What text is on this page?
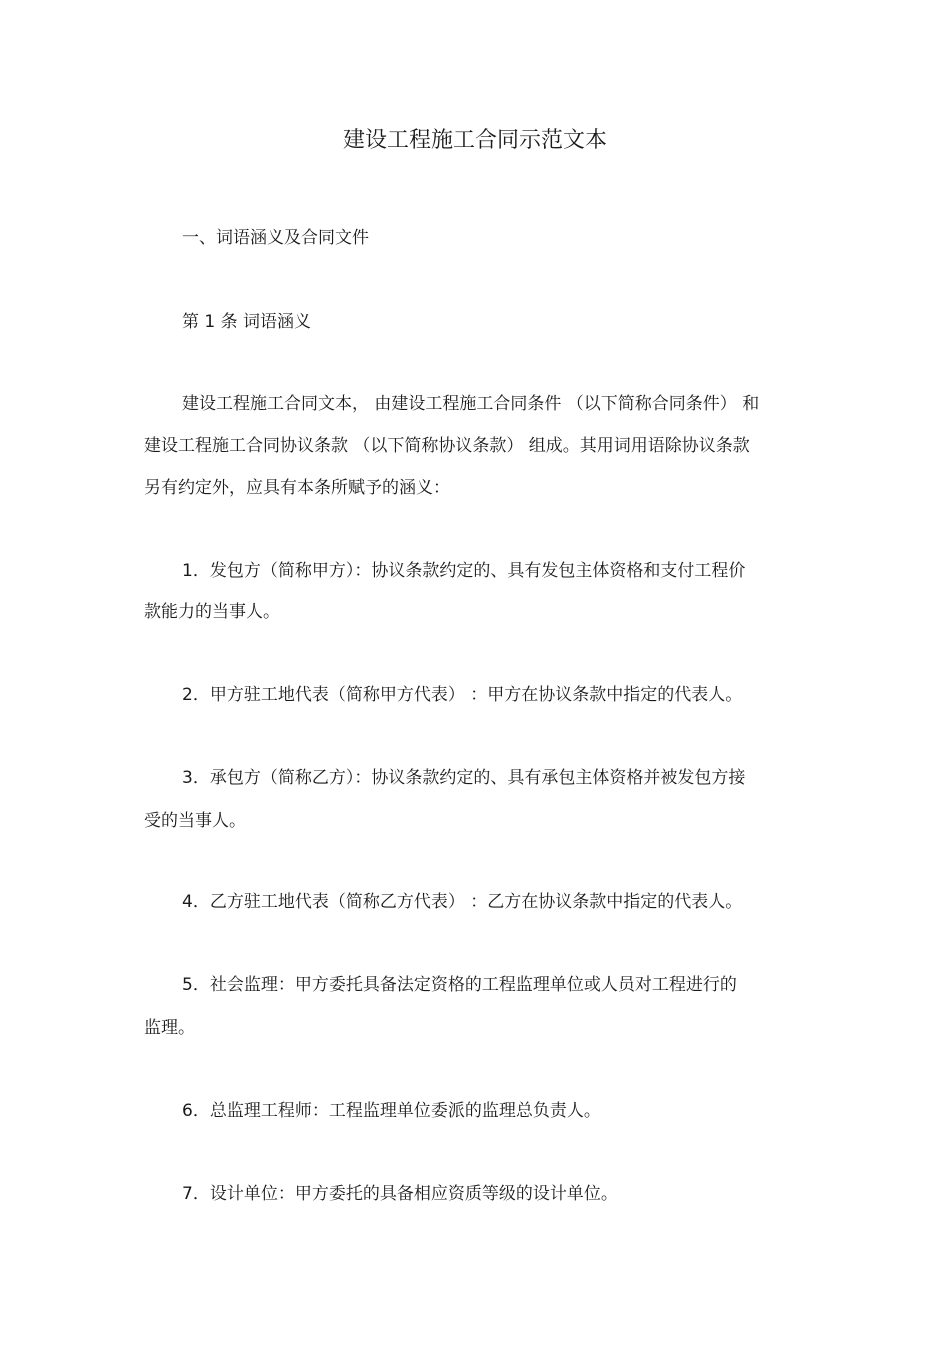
建设工程施工合同示范文本
一、词语涵义及合同文件
第 1 条 词语涵义
建设工程施工合同文本， 由建设工程施工合同条件 （以下简称合同条件） 和
建设工程施工合同协议条款 （以下简称协议条款） 组成。其用词用语除协议条款
另有约定外，应具有本条所赋予的涵义：
1．发包方（简称甲方）：协议条款约定的、具有发包主体资格和支付工程价
款能力的当事人。
2．甲方驻工地代表（简称甲方代表） ：甲方在协议条款中指定的代表人。
3．承包方（简称乙方）：协议条款约定的、具有承包主体资格并被发包方接
受的当事人。
4．乙方驻工地代表（简称乙方代表） ：乙方在协议条款中指定的代表人。
5．社会监理：甲方委托具备法定资格的工程监理单位或人员对工程进行的
监理。
6．总监理工程师：工程监理单位委派的监理总负责人。
7．设计单位：甲方委托的具备相应资质等级的设计单位。
